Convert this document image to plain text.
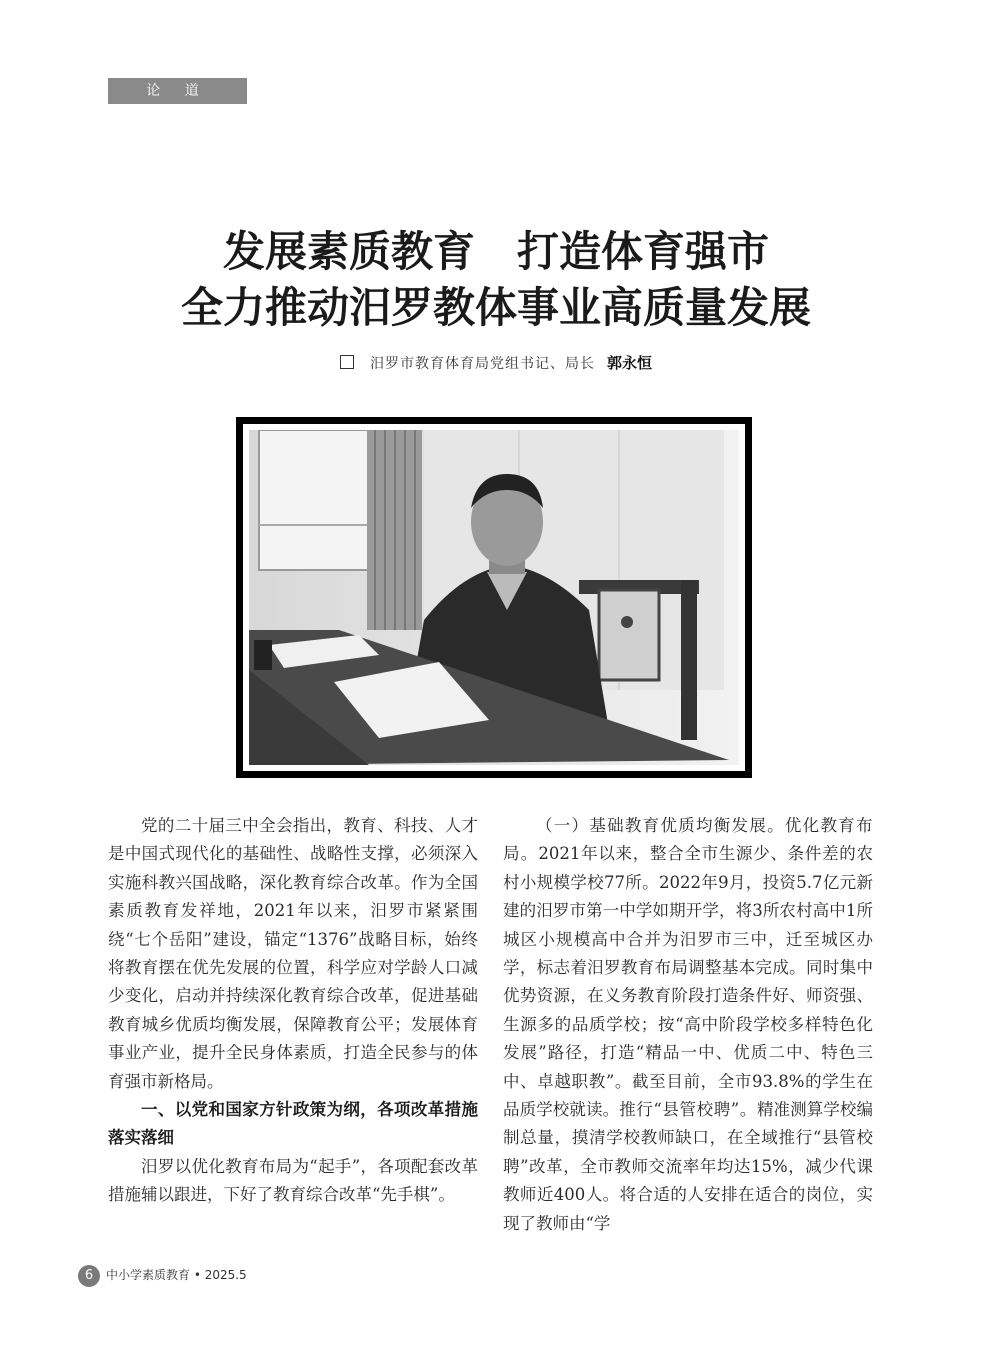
论 道
发展素质教育 打造体育强市
全力推动汨罗教体事业高质量发展
汨罗市教育体育局党组书记、局长 郭永恒

党的二十届三中全会指出，教育、科技、人才是中国式现代化的基础性、战略性支撑，必须深入实施科教兴国战略，深化教育综合改革。作为全国素质教育发祥地，2021年以来，汨罗市紧紧围绕“七个岳阳”建设，锚定“1376”战略目标，始终将教育摆在优先发展的位置，科学应对学龄人口减少变化，启动并持续深化教育综合改革，促进基础教育城乡优质均衡发展，保障教育公平；发展体育事业产业，提升全民身体素质，打造全民参与的体育强市新格局。

一、以党和国家方针政策为纲，各项改革措施落实落细

汨罗以优化教育布局为“起手”，各项配套改革措施辅以跟进，下好了教育综合改革“先手棋”。

（一）基础教育优质均衡发展。优化教育布局。2021年以来，整合全市生源少、条件差的农村小规模学校77所。2022年9月，投资5.7亿元新建的汨罗市第一中学如期开学，将3所农村高中1所城区小规模高中合并为汨罗市三中，迁至城区办学，标志着汨罗教育布局调整基本完成。同时集中优势资源，在义务教育阶段打造条件好、师资强、生源多的品质学校；按“高中阶段学校多样特色化发展”路径，打造“精品一中、优质二中、特色三中、卓越职教”。截至目前，全市93.8%的学生在品质学校就读。推行“县管校聘”。精准测算学校编制总量，摸清学校教师缺口，在全域推行“县管校聘”改革，全市教师交流率年均达15%，减少代课教师近400人。将合适的人安排在适合的岗位，实现了教师由“学

6 中小学素质教育 • 2025.5
